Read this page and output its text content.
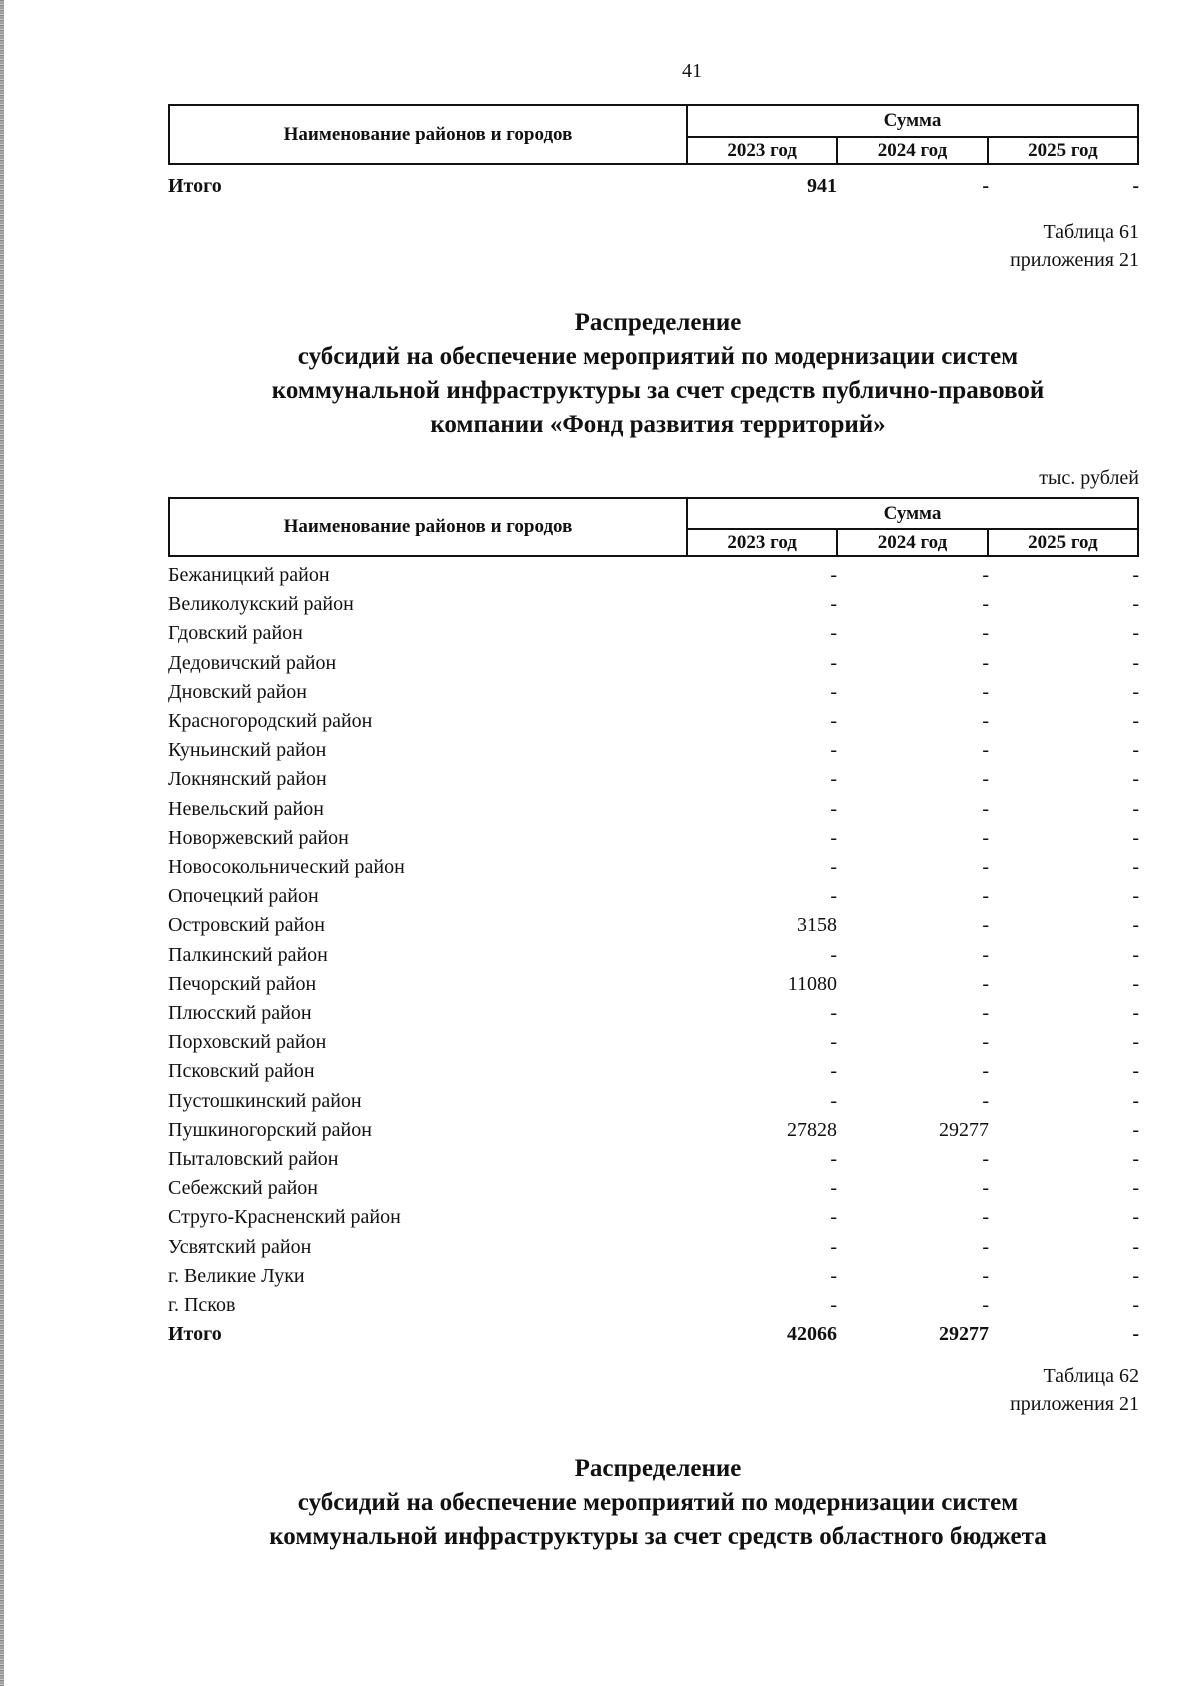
41
Наименование районов и городов	Сумма		
	2023 год	2024 год	2025 год
Итого	941	-	-
Таблица 61
приложения 21
Распределение
субсидий на обеспечение мероприятий по модернизации систем
коммунальной инфраструктуры за счет средств публично-правовой
компании «Фонд развития территорий»
тыс. рублей
Наименование районов и городов	Сумма		
	2023 год	2024 год	2025 год
Бежаницкий район	-	-	-
Великолукский район	-	-	-
Гдовский район	-	-	-
Дедовичский район	-	-	-
Дновский район	-	-	-
Красногородский район	-	-	-
Куньинский район	-	-	-
Локнянский район	-	-	-
Невельский район	-	-	-
Новоржевский район	-	-	-
Новосокольнический район	-	-	-
Опочецкий район	-	-	-
Островский район	3158	-	-
Палкинский район	-	-	-
Печорский район	11080	-	-
Плюсский район	-	-	-
Порховский район	-	-	-
Псковский район	-	-	-
Пустошкинский район	-	-	-
Пушкиногорский район	27828	29277	-
Пыталовский район	-	-	-
Себежский район	-	-	-
Струго-Красненский район	-	-	-
Усвятский район	-	-	-
г. Великие Луки	-	-	-
г. Псков	-	-	-
Итого	42066	29277	-
Таблица 62
приложения 21
Распределение
субсидий на обеспечение мероприятий по модернизации систем
коммунальной инфраструктуры за счет средств областного бюджета
